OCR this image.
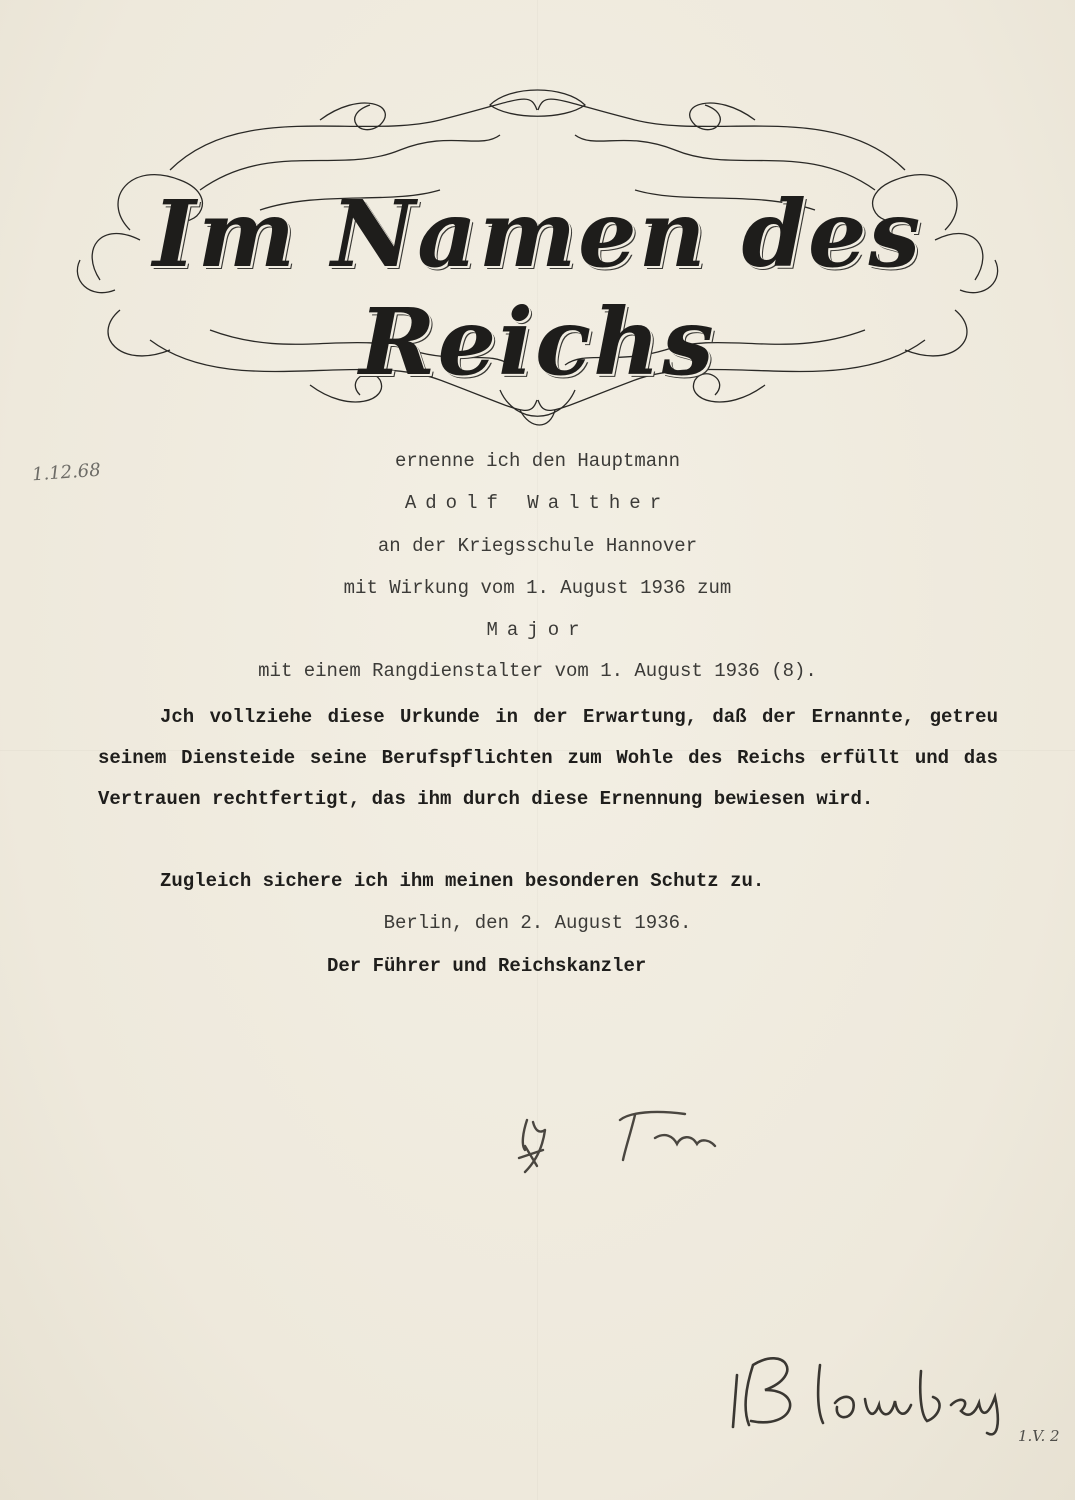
Im Namen des Reichs
1.12.68	ernenne ich den Hauptmann
Adolf Walther
an der Kriegsschule Hannover
mit Wirkung vom 1. August 1936 zum
Major
mit einem Rangdienstalter vom 1. August 1936 (8).
Jch vollziehe diese Urkunde in der Erwartung, daß der Ernannte, getreu seinem Diensteide seine Berufspflichten zum Wohle des Reichs erfüllt und das Vertrauen rechtfertigt, das ihm durch diese Ernennung bewiesen wird.
Zugleich sichere ich ihm meinen besonderen Schutz zu.
Berlin, den 2. August 1936.
Der Führer und Reichskanzler
1.V. 2
